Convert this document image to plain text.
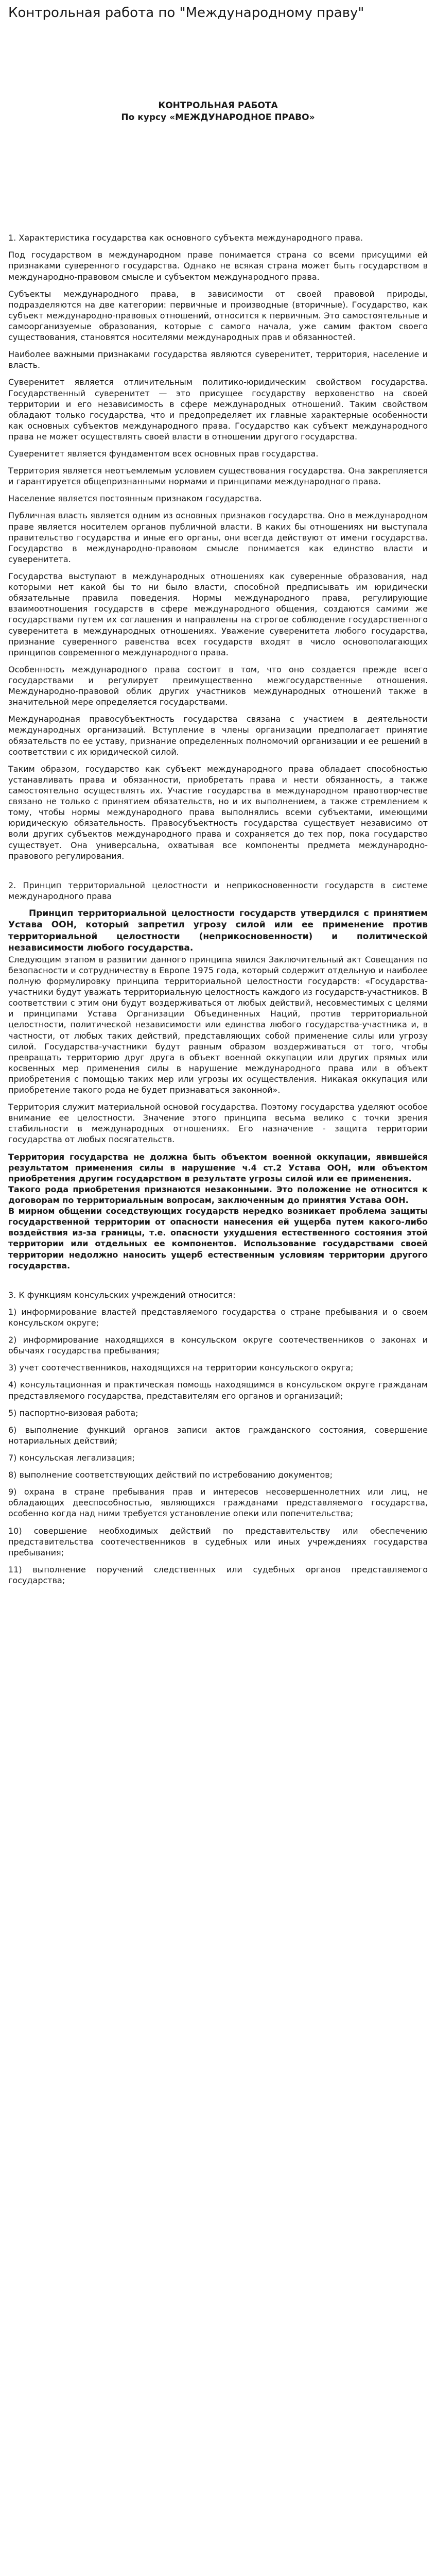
Контрольная работа по "Международному праву"
КОНТРОЛЬНАЯ РАБОТА
По курсу «МЕЖДУНАРОДНОЕ ПРАВО»

1. Характеристика государства как основного субъекта международного права.

Под государством в международном праве понимается страна со всеми присущими ей признаками суверенного государства. Однако не всякая страна может быть государством в международно-правовом смысле и субъектом международного права.

Субъекты международного права, в зависимости от своей правовой природы, подразделяются на две категории: первичные и производные (вторичные). Государство, как субъект международно-правовых отношений, относится к первичным. Это самостоятельные и самоорганизуемые образования, которые с самого начала, уже самим фактом своего существования, становятся носителями международных прав и обязанностей.

Наиболее важными признаками государства являются суверенитет, территория, население и власть.

Суверенитет является отличительным политико-юридическим свойством государства. Государственный суверенитет — это присущее государству верховенство на своей территории и его независимость в сфере международных отношений. Таким свойством обладают только государства, что и предопределяет их главные характерные особенности как основных субъектов международного права. Государство как субъект международного права не может осуществлять своей власти в отношении другого государства.

Суверенитет является фундаментом всех основных прав государства.

Территория является неотъемлемым условием существования государства. Она закрепляется и гарантируется общепризнанными нормами и принципами международного права.

Население является постоянным признаком государства.

Публичная власть является одним из основных признаков государства. Оно в международном праве является носителем органов публичной власти. В каких бы отношениях ни выступала правительство государства и иные его органы, они всегда действуют от имени государства. Государство в международно-правовом смысле понимается как единство власти и суверенитета.

Государства выступают в международных отношениях как суверенные образования, над которыми нет какой бы то ни было власти, способной предписывать им юридически обязательные правила поведения. Нормы международного права, регулирующие взаимоотношения государств в сфере международного общения, создаются самими же государствами путем их соглашения и направлены на строгое соблюдение государственного суверенитета в международных отношениях. Уважение суверенитета любого государства, признание суверенного равенства всех государств входят в число основополагающих принципов современного международного права.

Особенность международного права состоит в том, что оно создается прежде всего государствами и регулирует преимущественно межгосударственные отношения. Международно-правовой облик других участников международных отношений также в значительной мере определяется государствами.

Международная правосубъектность государства связана с участием в деятельности международных организаций. Вступление в члены организации предполагает принятие обязательств по ее уставу, признание определенных полномочий организации и ее решений в соответствии с их юридической силой.

Таким образом, государство как субъект международного права обладает способностью устанавливать права и обязанности, приобретать права и нести обязанность, а также самостоятельно осуществлять их. Участие государства в международном правотворчестве связано не только с принятием обязательств, но и их выполнением, а также стремлением к тому, чтобы нормы международного права выполнялись всеми субъектами, имеющими юридическую обязательность. Правосубъектность государства существует независимо от воли других субъектов международного права и сохраняется до тех пор, пока государство существует. Она универсальна, охватывая все компоненты предмета международно-правового регулирования.

2. Принцип территориальной целостности и неприкосновенности государств в системе международного права

Принцип территориальной целостности государств утвердился с принятием Устава ООН, который запретил угрозу силой или ее применение против территориальной целостности (неприкосновенности) и политической независимости любого государства.

Следующим этапом в развитии данного принципа явился Заключительный акт Совещания по безопасности и сотрудничеству в Европе 1975 года, который содержит отдельную и наиболее полную формулировку принципа территориальной целостности государств: «Государства-участники будут уважать территориальную целостность каждого из государств-участников. В соответствии с этим они будут воздерживаться от любых действий, несовместимых с целями и принципами Устава Организации Объединенных Наций, против территориальной целостности, политической независимости или единства любого государства-участника и, в частности, от любых таких действий, представляющих собой применение силы или угрозу силой. Государства-участники будут равным образом воздерживаться от того, чтобы превращать территорию друг друга в объект военной оккупации или других прямых или косвенных мер применения силы в нарушение международного права или в объект приобретения с помощью таких мер или угрозы их осуществления. Никакая оккупация или приобретение такого рода не будет признаваться законной».

Территория служит материальной основой государства. Поэтому государства уделяют особое внимание ее целостности. Значение этого принципа весьма велико с точки зрения стабильности в международных отношениях. Его назначение - защита территории государства от любых посягательств.

Территория государства не должна быть объектом военной оккупации, явившейся результатом применения силы в нарушение ч.4 ст.2 Устава ООН, или объектом приобретения другим государством в результате угрозы силой или ее применения.

Такого рода приобретения признаются незаконными. Это положение не относится к договорам по территориальным вопросам, заключенным до принятия Устава ООН.

В мирном общении соседствующих государств нередко возникает проблема защиты государственной территории от опасности нанесения ей ущерба путем какого-либо воздействия из-за границы, т.е. опасности ухудшения естественного состояния этой территории или отдельных ее компонентов. Использование государствами своей территории недолжно наносить ущерб естественным условиям территории другого государства.

3. К функциям консульских учреждений относится:

1) информирование властей представляемого государства о стране пребывания и о своем консульском округе;

2) информирование находящихся в консульском округе соотечественников о законах и обычаях государства пребывания;

3) учет соотечественников, находящихся на территории консульского округа;

4) консультационная и практическая помощь находящимся в консульском округе гражданам представляемого государства, представителям его органов и организаций;

5) паспортно-визовая работа;

6) выполнение функций органов записи актов гражданского состояния, совершение нотариальных действий;

7) консульская легализация;

8) выполнение соответствующих действий по истребованию документов;

9) охрана в стране пребывания прав и интересов несовершеннолетних или лиц, не обладающих дееспособностью, являющихся гражданами представляемого государства, особенно когда над ними требуется установление опеки или попечительства;

10) совершение необходимых действий по представительству или обеспечению представительства соотечественников в судебных или иных учреждениях государства пребывания;

11) выполнение поручений следственных или судебных органов представляемого государства;
